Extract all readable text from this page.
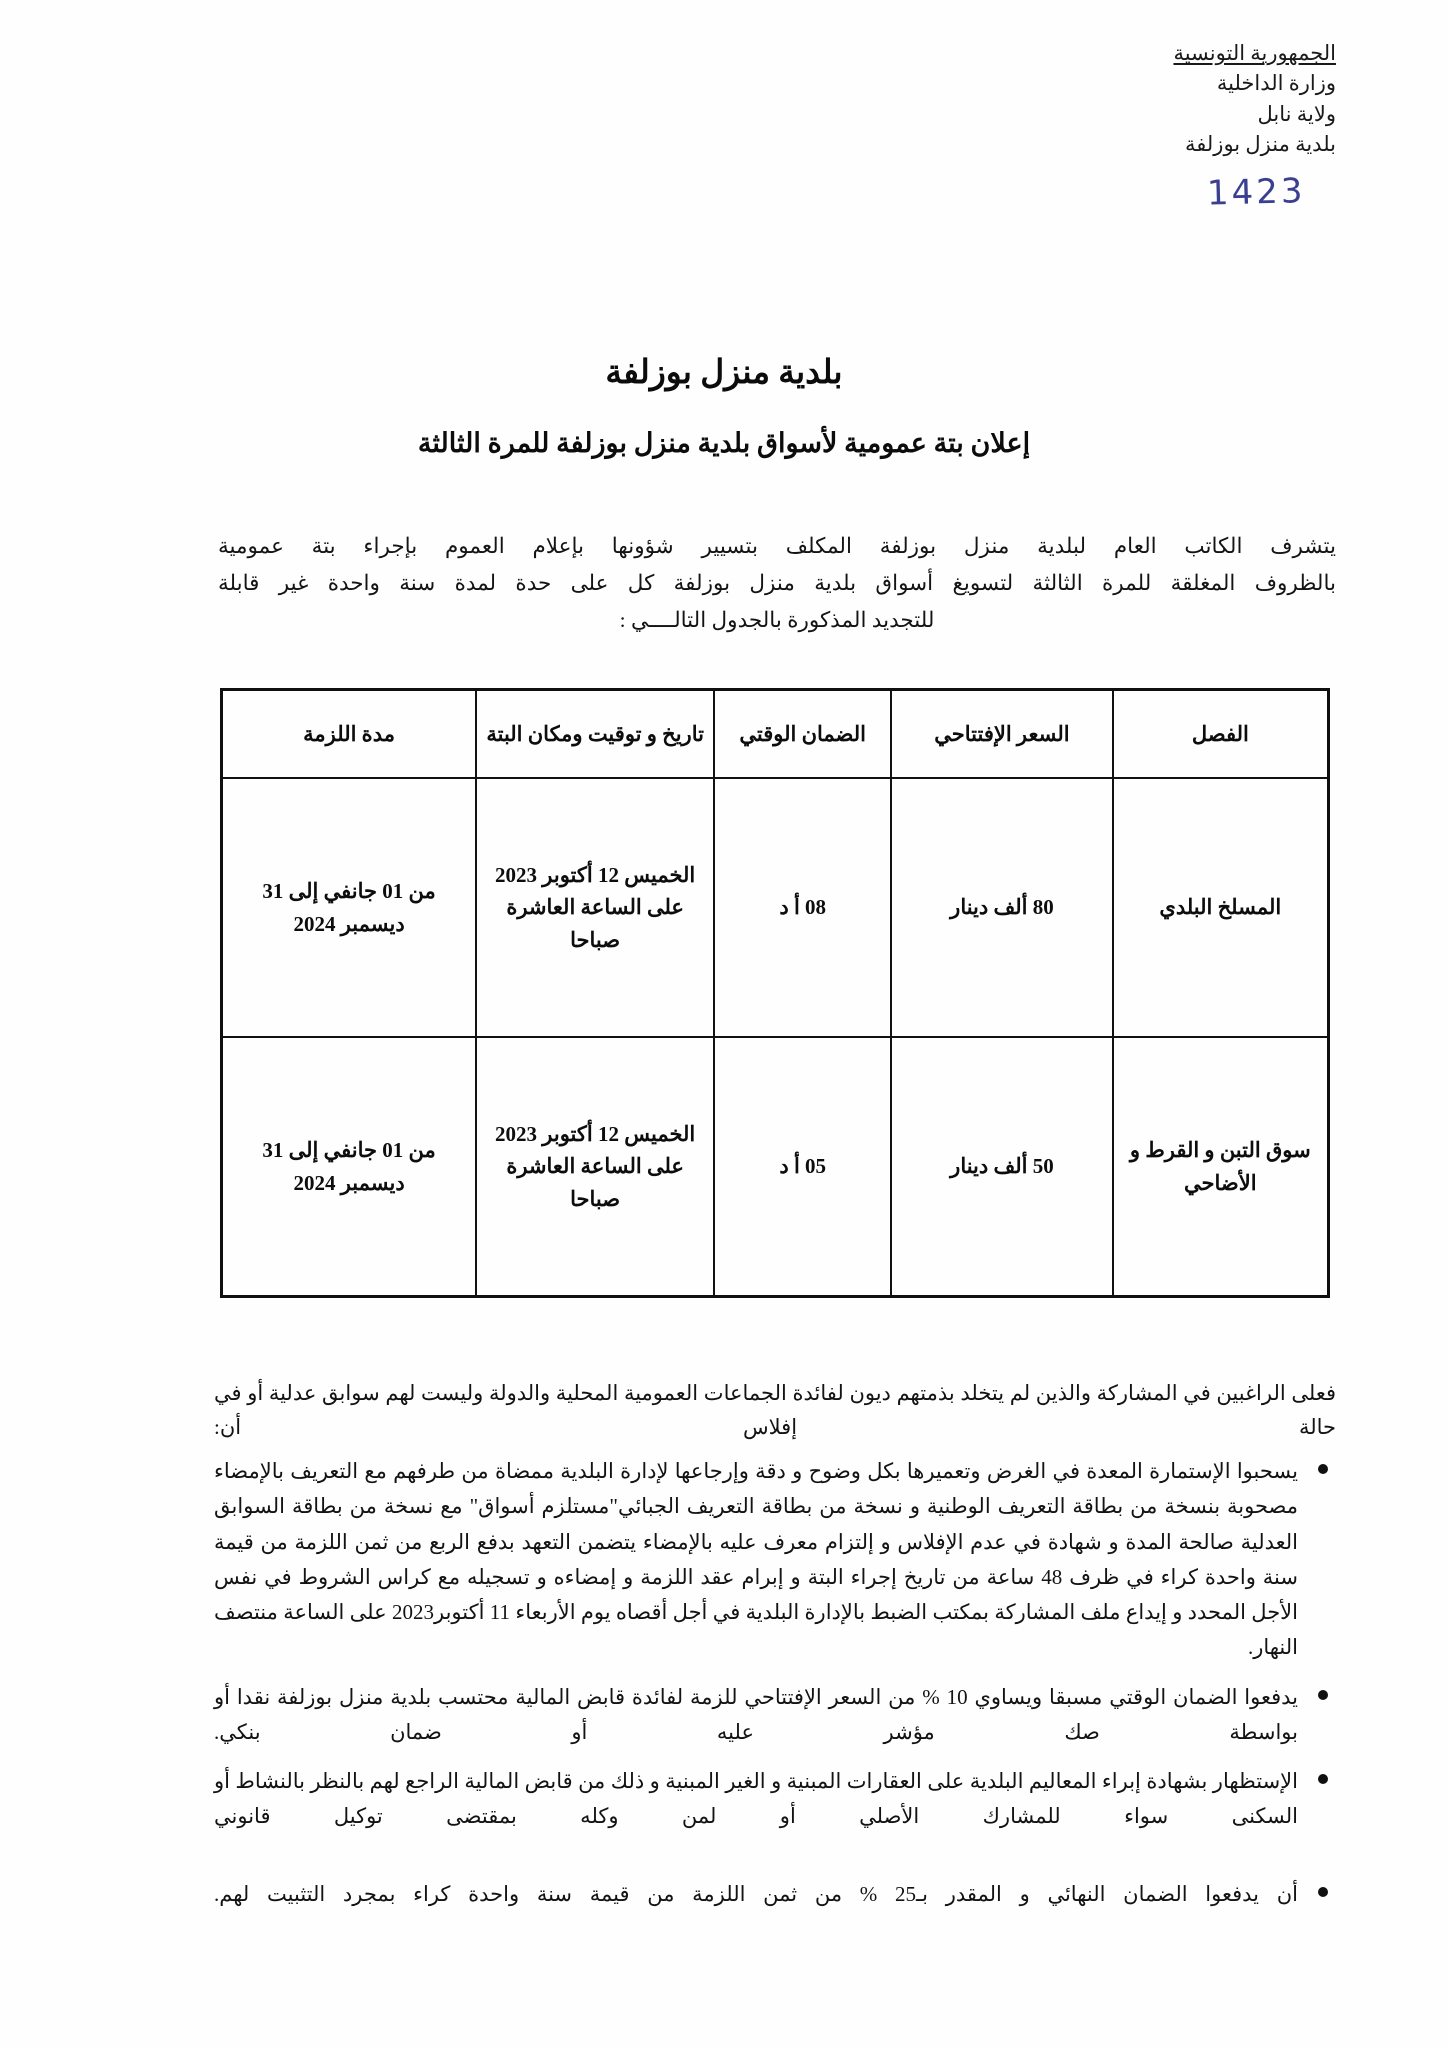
الجمهورية التونسية
وزارة الداخلية
ولاية نابل
بلدية منزل بوزلفة
1423
بلدية منزل بوزلفة
إعلان بتة عمومية لأسواق بلدية منزل بوزلفة للمرة الثالثة
يتشرف الكاتب العام لبلدية منزل بوزلفة المكلف بتسيير شؤونها بإعلام العموم بإجراء بتة عمومية
بالظروف المغلقة للمرة الثالثة لتسويغ أسواق بلدية منزل بوزلفة كل على حدة لمدة سنة واحدة غير قابلة
للتجديد المذكورة بالجدول التالــــي :
الفصل	السعر الإفتتاحي	الضمان الوقتي	تاريخ و توقيت ومكان البتة	مدة اللزمة
المسلخ البلدي	80 ألف دينار	08 أ د	الخميس 12 أكتوبر 2023 على الساعة العاشرة صباحا	من 01 جانفي إلى 31 ديسمبر 2024
سوق التبن و القرط و الأضاحي	50 ألف دينار	05 أ د	الخميس 12 أكتوبر 2023 على الساعة العاشرة صباحا	من 01 جانفي إلى 31 ديسمبر 2024
فعلى الراغبين في المشاركة والذين لم يتخلد بذمتهم ديون لفائدة الجماعات العمومية المحلية والدولة وليست لهم سوابق عدلية أو في حالة إفلاس أن:
يسحبوا الإستمارة المعدة في الغرض وتعميرها بكل وضوح و دقة وإرجاعها لإدارة البلدية ممضاة من طرفهم مع التعريف بالإمضاء مصحوبة بنسخة من بطاقة التعريف الوطنية و نسخة من بطاقة التعريف الجبائي"مستلزم أسواق" مع نسخة من بطاقة السوابق العدلية صالحة المدة و شهادة في عدم الإفلاس و إلتزام معرف عليه بالإمضاء يتضمن التعهد بدفع الربع من ثمن اللزمة من قيمة سنة واحدة كراء في ظرف 48 ساعة من تاريخ إجراء البتة و إبرام عقد اللزمة و إمضاءه و تسجيله مع كراس الشروط في نفس الأجل المحدد و إيداع ملف المشاركة بمكتب الضبط بالإدارة البلدية في أجل أقصاه يوم الأربعاء 11 أكتوبر2023 على الساعة منتصف النهار.
يدفعوا الضمان الوقتي مسبقا ويساوي 10 % من السعر الإفتتاحي للزمة لفائدة قابض المالية محتسب بلدية منزل بوزلفة نقدا أو بواسطة صك مؤشر عليه أو ضمان بنكي.
الإستظهار بشهادة إبراء المعاليم البلدية على العقارات المبنية و الغير المبنية و ذلك من قابض المالية الراجع لهم بالنظر بالنشاط أو السكنى سواء للمشارك الأصلي أو لمن وكله بمقتضى توكيل قانوني
أن يدفعوا الضمان النهائي و المقدر بـ25 % من ثمن اللزمة من قيمة سنة واحدة كراء بمجرد التثبيت لهم.
